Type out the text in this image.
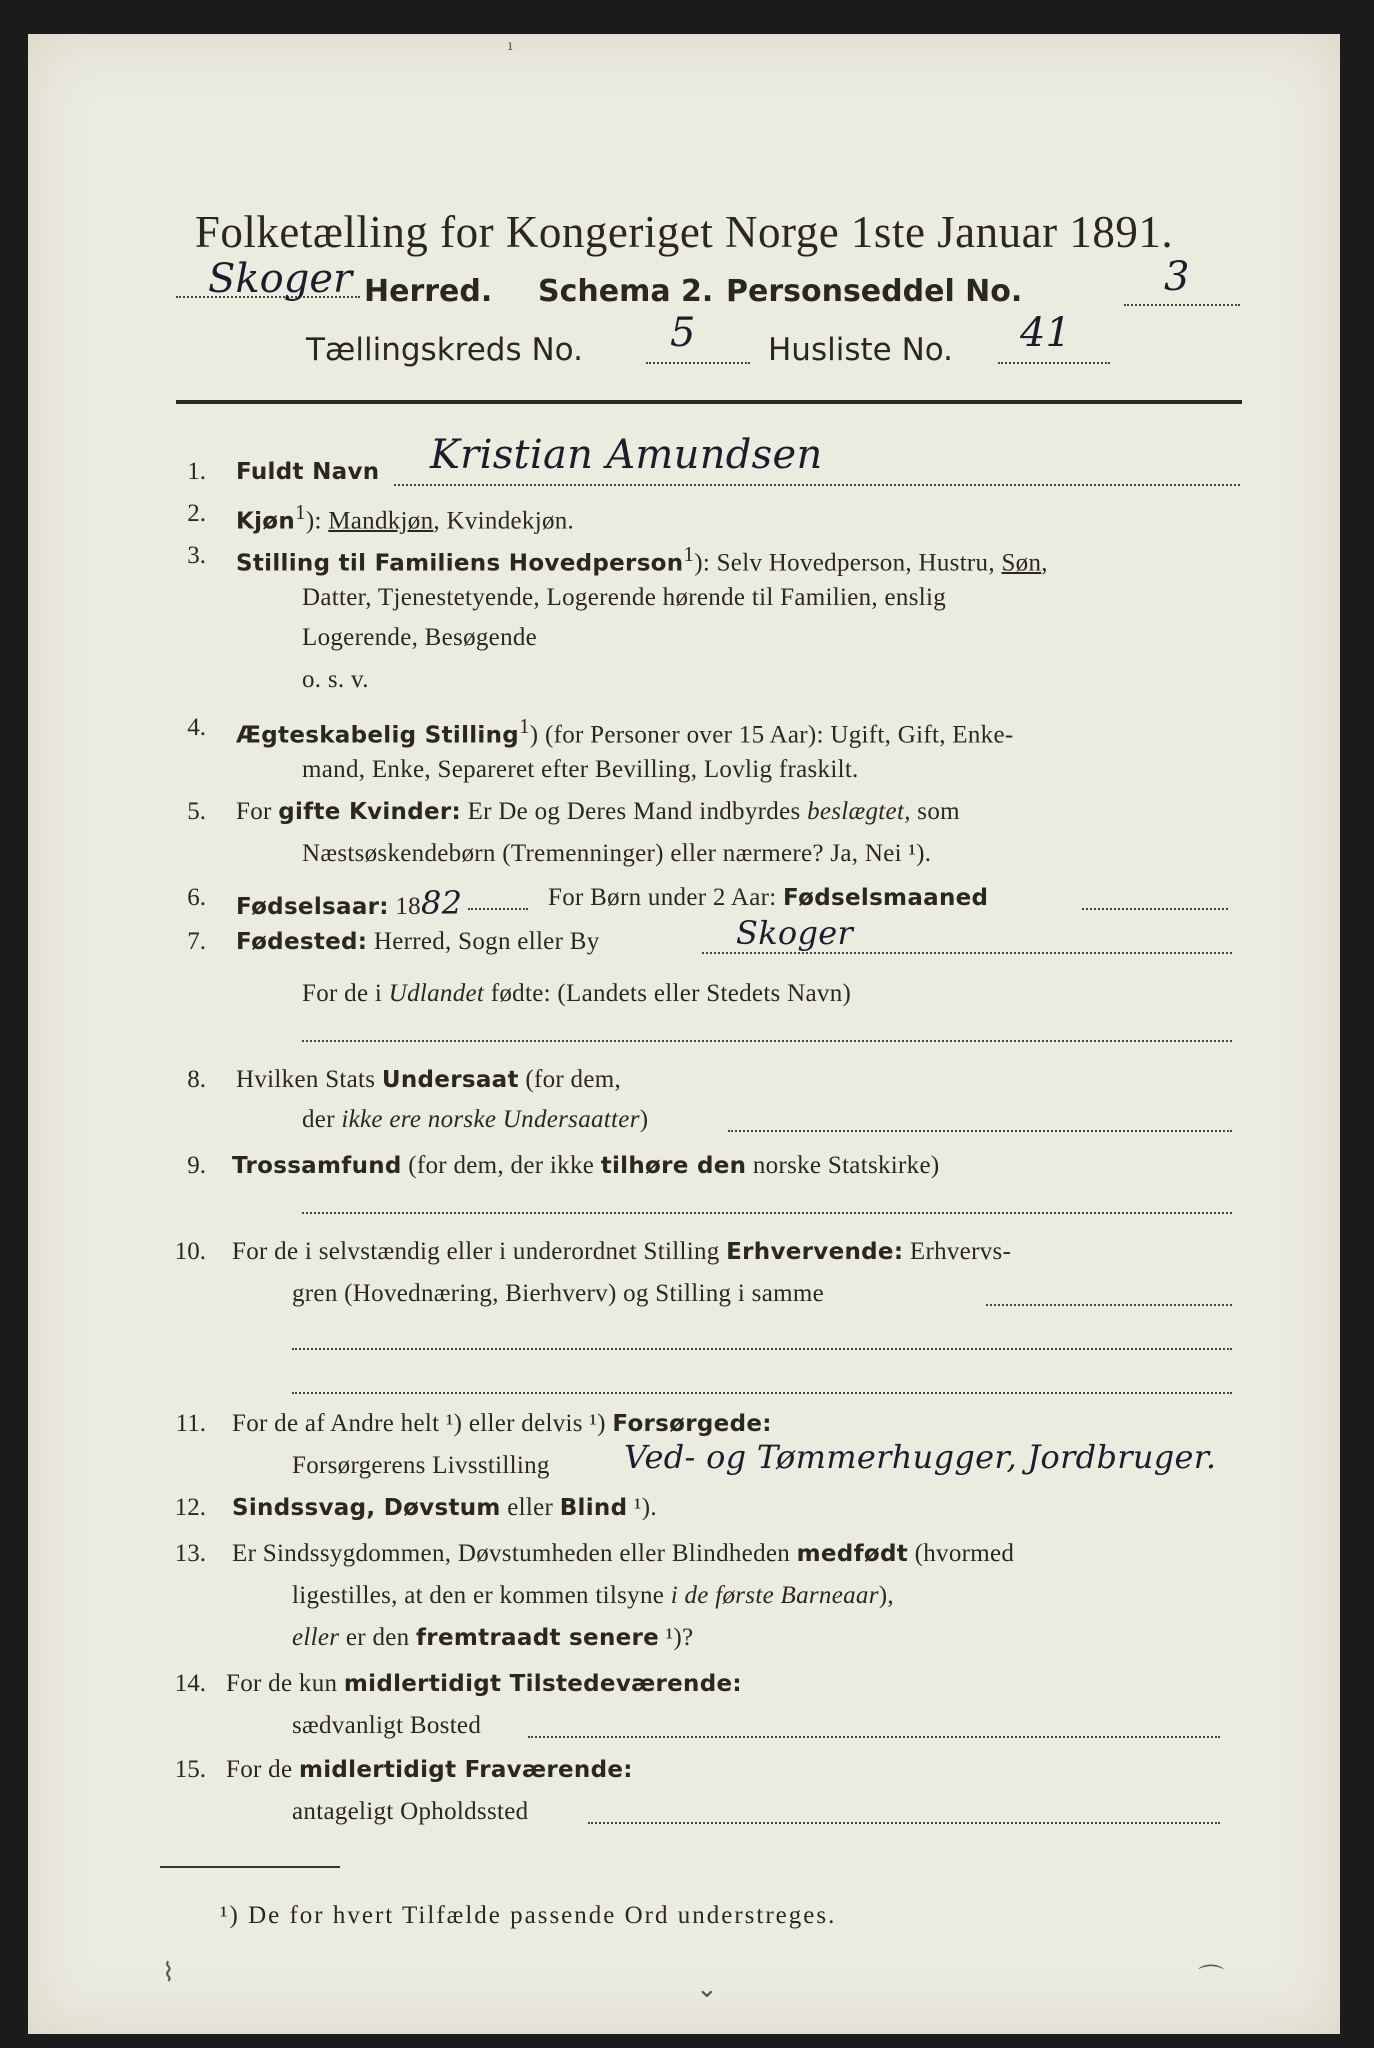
ı
Folketælling for Kongeriget Norge 1ste Januar 1891.
Skoger Herred. Schema 2. Personseddel No.	3
Tællingskreds No. 5 Husliste No. 41
1. Fuldt Navn Kristian Amundsen
2. Kjøn$^1$): Mandkjøn, Kvindekjøn.
3. Stilling til Familiens Hovedperson$^1$): Selv Hovedperson, Hustru, Søn,
Datter, Tjenestetyende, Logerende hørende til Familien, enslig
Logerende, Besøgende
o. s. v.
4. Ægteskabelig Stilling$^1$) (for Personer over 15 Aar): Ugift, Gift, Enke-
mand, Enke, Separeret efter Bevilling, Lovlig fraskilt.
5. For gifte Kvinder: Er De og Deres Mand indbyrdes beslægtet, som
Næstsøskendebørn (Tremenninger) eller nærmere? Ja, Nei ¹).
6. Fødselsaar: 1882	For Børn under 2 Aar: Fødselsmaaned
7. Fødested: Herred, Sogn eller By	Skoger
For de i Udlandet fødte: (Landets eller Stedets Navn)
8. Hvilken Stats Undersaat (for dem,
der ikke ere norske Undersaatter)
9. Trossamfund (for dem, der ikke tilhøre den norske Statskirke)
10. For de i selvstændig eller i underordnet Stilling Erhvervende: Erhvervs-
gren (Hovednæring, Bierhverv) og Stilling i samme
11. For de af Andre helt ¹) eller delvis ¹) Forsørgede:
Forsørgerens Livsstilling Ved- og Tømmerhugger, Jordbruger.
12. Sindssvag, Døvstum eller Blind ¹).
13. Er Sindssygdommen, Døvstumheden eller Blindheden medfødt (hvormed
ligestilles, at den er kommen tilsyne i de første Barneaar),
eller er den fremtraadt senere ¹)?
14. For de kun midlertidigt Tilstedeværende:
sædvanligt Bosted
15. For de midlertidigt Fraværende:
antageligt Opholdssted
¹) De for hvert Tilfælde passende Ord understreges.
⌇
⌄	⌒
